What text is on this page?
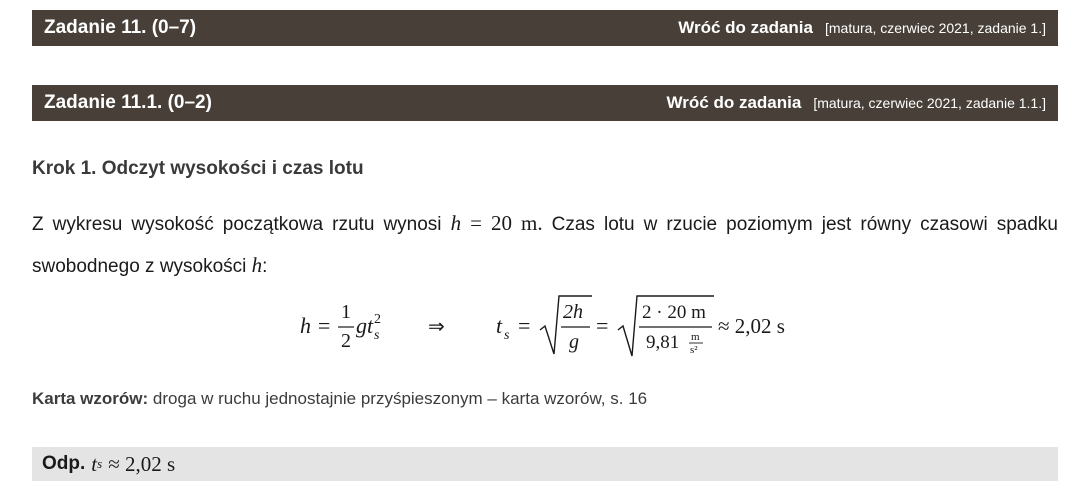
Zadanie 11. (0–7)	Wróć do zadania [matura, czerwiec 2021, zadanie 1.]
Zadanie 11.1. (0–2)	Wróć do zadania [matura, czerwiec 2021, zadanie 1.1.]
Krok 1. Odczyt wysokości i czas lotu
Z wykresu wysokość początkowa rzutu wynosi h = 20 m. Czas lotu w rzucie poziomym jest równy czasowi spadku swobodnego z wysokości h:
h =
1
2
gt 2
s ⇒ t s =
2h
g
=
2 · 20 m
9,81 m
s²
≈ 2,02 s
Karta wzorów: droga w ruchu jednostajnie przyśpieszonym – karta wzorów, s. 16
Odp. t s ≈ 2,02 s
